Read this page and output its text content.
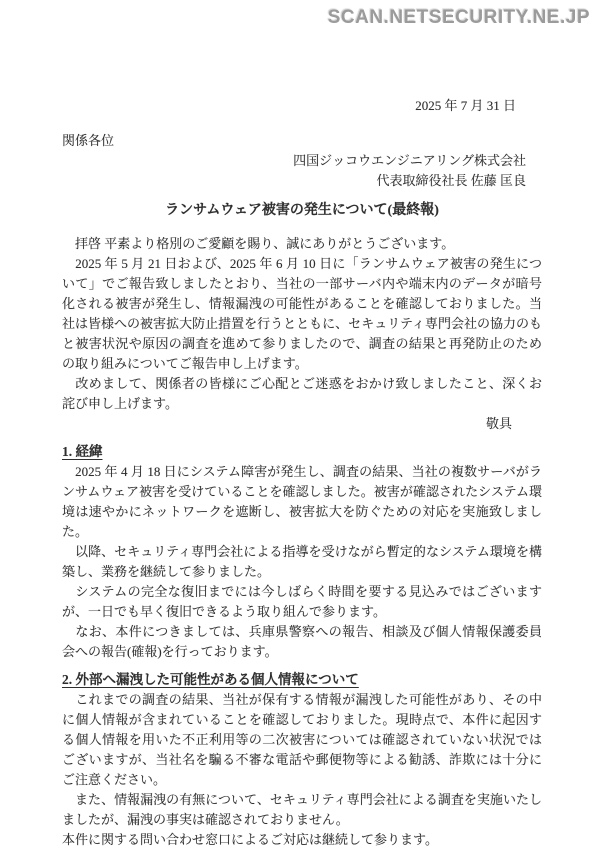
SCAN.NETSECURITY.NE.JP

2025 年 7 月 31 日

関係各位

四国ジッコウエンジニアリング株式会社

代表取締役社長 佐藤 匡良

ランサムウェア被害の発生について(最終報)

　拝啓 平素より格別のご愛顧を賜り、誠にありがとうございます。

　2025 年 5 月 21 日および、2025 年 6 月 10 日に「ランサムウェア被害の発生について」でご報告致しましたとおり、当社の一部サーバ内や端末内のデータが暗号化される被害が発生し、情報漏洩の可能性があることを確認しておりました。当社は皆様への被害拡大防止措置を行うとともに、セキュリティ専門会社の協力のもと被害状況や原因の調査を進めて参りましたので、調査の結果と再発防止のための取り組みについてご報告申し上げます。

　改めまして、関係者の皆様にご心配とご迷惑をおかけ致しましたこと、深くお詫び申し上げます。

敬具

1. 経緯

　2025 年 4 月 18 日にシステム障害が発生し、調査の結果、当社の複数サーバがランサムウェア被害を受けていることを確認しました。被害が確認されたシステム環境は速やかにネットワークを遮断し、被害拡大を防ぐための対応を実施致しました。

　以降、セキュリティ専門会社による指導を受けながら暫定的なシステム環境を構築し、業務を継続して参りました。

　システムの完全な復旧までには今しばらく時間を要する見込みではございますが、一日でも早く復旧できるよう取り組んで参ります。

　なお、本件につきましては、兵庫県警察への報告、相談及び個人情報保護委員会への報告(確報)を行っております。

2. 外部へ漏洩した可能性がある個人情報について

　これまでの調査の結果、当社が保有する情報が漏洩した可能性があり、その中に個人情報が含まれていることを確認しておりました。現時点で、本件に起因する個人情報を用いた不正利用等の二次被害については確認されていない状況ではございますが、当社名を騙る不審な電話や郵便物等による勧誘、詐欺には十分にご注意ください。

　また、情報漏洩の有無について、セキュリティ専門会社による調査を実施いたしましたが、漏洩の事実は確認されておりません。

本件に関する問い合わせ窓口によるご対応は継続して参ります。
